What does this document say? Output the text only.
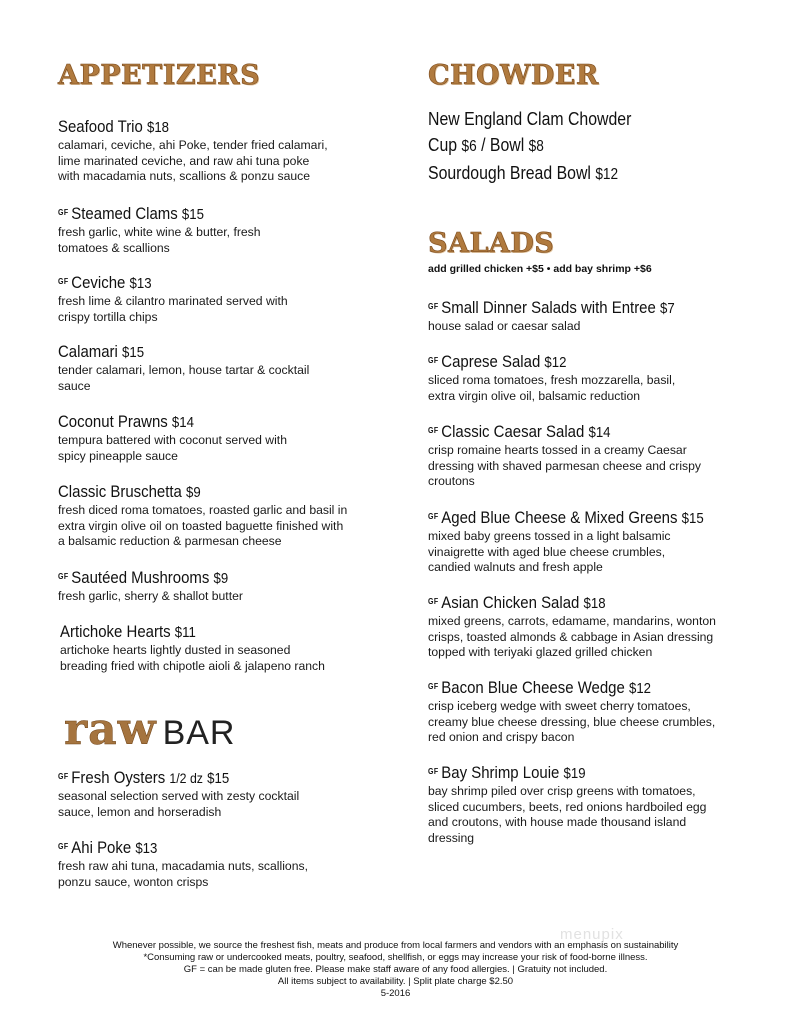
APPETIZERS
Seafood Trio $18
calamari, ceviche, ahi Poke, tender fried calamari,
lime marinated ceviche, and raw ahi tuna poke
with macadamia nuts, scallions & ponzu sauce
$^{GF}$ Steamed Clams $15
fresh garlic, white wine & butter, fresh
tomatoes & scallions
$^{GF}$ Ceviche $13
fresh lime & cilantro marinated served with
crispy tortilla chips
Calamari $15
tender calamari, lemon, house tartar & cocktail
sauce
Coconut Prawns $14
tempura battered with coconut served with
spicy pineapple sauce
Classic Bruschetta $9
fresh diced roma tomatoes, roasted garlic and basil in
extra virgin olive oil on toasted baguette finished with
a balsamic reduction & parmesan cheese
$^{GF}$ Sautéed Mushrooms $9
fresh garlic, sherry & shallot butter
Artichoke Hearts $11
artichoke hearts lightly dusted in seasoned
breading fried with chipotle aioli & jalapeno ranch
raw BAR
$^{GF}$ Fresh Oysters 1/2 dz $15
seasonal selection served with zesty cocktail
sauce, lemon and horseradish
$^{GF}$ Ahi Poke $13
fresh raw ahi tuna, macadamia nuts, scallions,
ponzu sauce, wonton crisps
CHOWDER
New England Clam Chowder
Cup $6 / Bowl $8
Sourdough Bread Bowl $12
SALADS
add grilled chicken +$5 • add bay shrimp +$6
$^{GF}$ Small Dinner Salads with Entree $7
house salad or caesar salad
$^{GF}$ Caprese Salad $12
sliced roma tomatoes, fresh mozzarella, basil,
extra virgin olive oil, balsamic reduction
$^{GF}$ Classic Caesar Salad $14
crisp romaine hearts tossed in a creamy Caesar
dressing with shaved parmesan cheese and crispy
croutons
$^{GF}$ Aged Blue Cheese & Mixed Greens $15
mixed baby greens tossed in a light balsamic
vinaigrette with aged blue cheese crumbles,
candied walnuts and fresh apple
$^{GF}$ Asian Chicken Salad $18
mixed greens, carrots, edamame, mandarins, wonton
crisps, toasted almonds & cabbage in Asian dressing
topped with teriyaki glazed grilled chicken
$^{GF}$ Bacon Blue Cheese Wedge $12
crisp iceberg wedge with sweet cherry tomatoes,
creamy blue cheese dressing, blue cheese crumbles,
red onion and crispy bacon
$^{GF}$ Bay Shrimp Louie $19
bay shrimp piled over crisp greens with tomatoes,
sliced cucumbers, beets, red onions hardboiled egg
and croutons, with house made thousand island
dressing
menupix
Whenever possible, we source the freshest fish, meats and produce from local farmers and vendors with an emphasis on sustainability
*Consuming raw or undercooked meats, poultry, seafood, shellfish, or eggs may increase your risk of food-borne illness.
GF = can be made gluten free. Please make staff aware of any food allergies. | Gratuity not included.
All items subject to availability. | Split plate charge $2.50
5-2016
